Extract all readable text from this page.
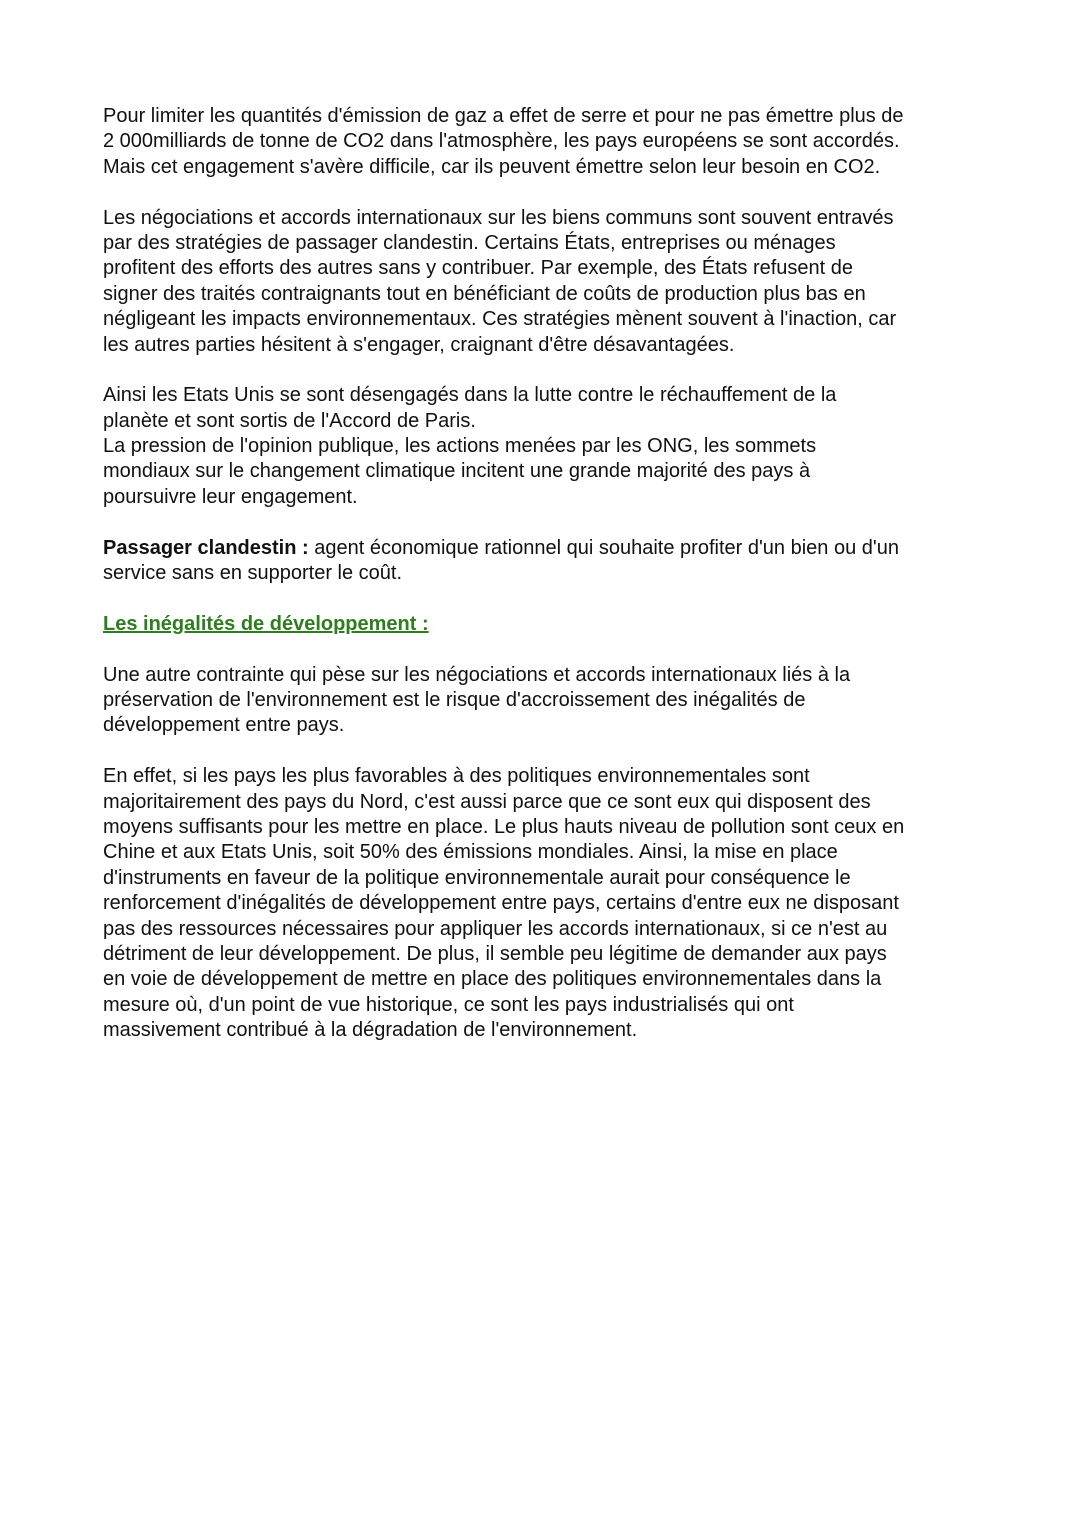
Pour limiter les quantités d'émission de gaz a effet de serre et pour ne pas émettre plus de
2 000milliards de tonne de CO2 dans l'atmosphère, les pays européens se sont accordés.
Mais cet engagement s'avère difficile, car ils peuvent émettre selon leur besoin en CO2.
Les négociations et accords internationaux sur les biens communs sont souvent entravés
par des stratégies de passager clandestin. Certains États, entreprises ou ménages
profitent des efforts des autres sans y contribuer. Par exemple, des États refusent de
signer des traités contraignants tout en bénéficiant de coûts de production plus bas en
négligeant les impacts environnementaux. Ces stratégies mènent souvent à l'inaction, car
les autres parties hésitent à s'engager, craignant d'être désavantagées.
Ainsi les Etats Unis se sont désengagés dans la lutte contre le réchauffement de la
planète et sont sortis de l'Accord de Paris.
La pression de l'opinion publique, les actions menées par les ONG, les sommets
mondiaux sur le changement climatique incitent une grande majorité des pays à
poursuivre leur engagement.
Passager clandestin : agent économique rationnel qui souhaite profiter d'un bien ou d'un
service sans en supporter le coût.
Les inégalités de développement :
Une autre contrainte qui pèse sur les négociations et accords internationaux liés à la
préservation de l'environnement est le risque d'accroissement des inégalités de
développement entre pays.
En effet, si les pays les plus favorables à des politiques environnementales sont
majoritairement des pays du Nord, c'est aussi parce que ce sont eux qui disposent des
moyens suffisants pour les mettre en place. Le plus hauts niveau de pollution sont ceux en
Chine et aux Etats Unis, soit 50% des émissions mondiales. Ainsi, la mise en place
d'instruments en faveur de la politique environnementale aurait pour conséquence le
renforcement d'inégalités de développement entre pays, certains d'entre eux ne disposant
pas des ressources nécessaires pour appliquer les accords internationaux, si ce n'est au
détriment de leur développement. De plus, il semble peu légitime de demander aux pays
en voie de développement de mettre en place des politiques environnementales dans la
mesure où, d'un point de vue historique, ce sont les pays industrialisés qui ont
massivement contribué à la dégradation de l'environnement.
